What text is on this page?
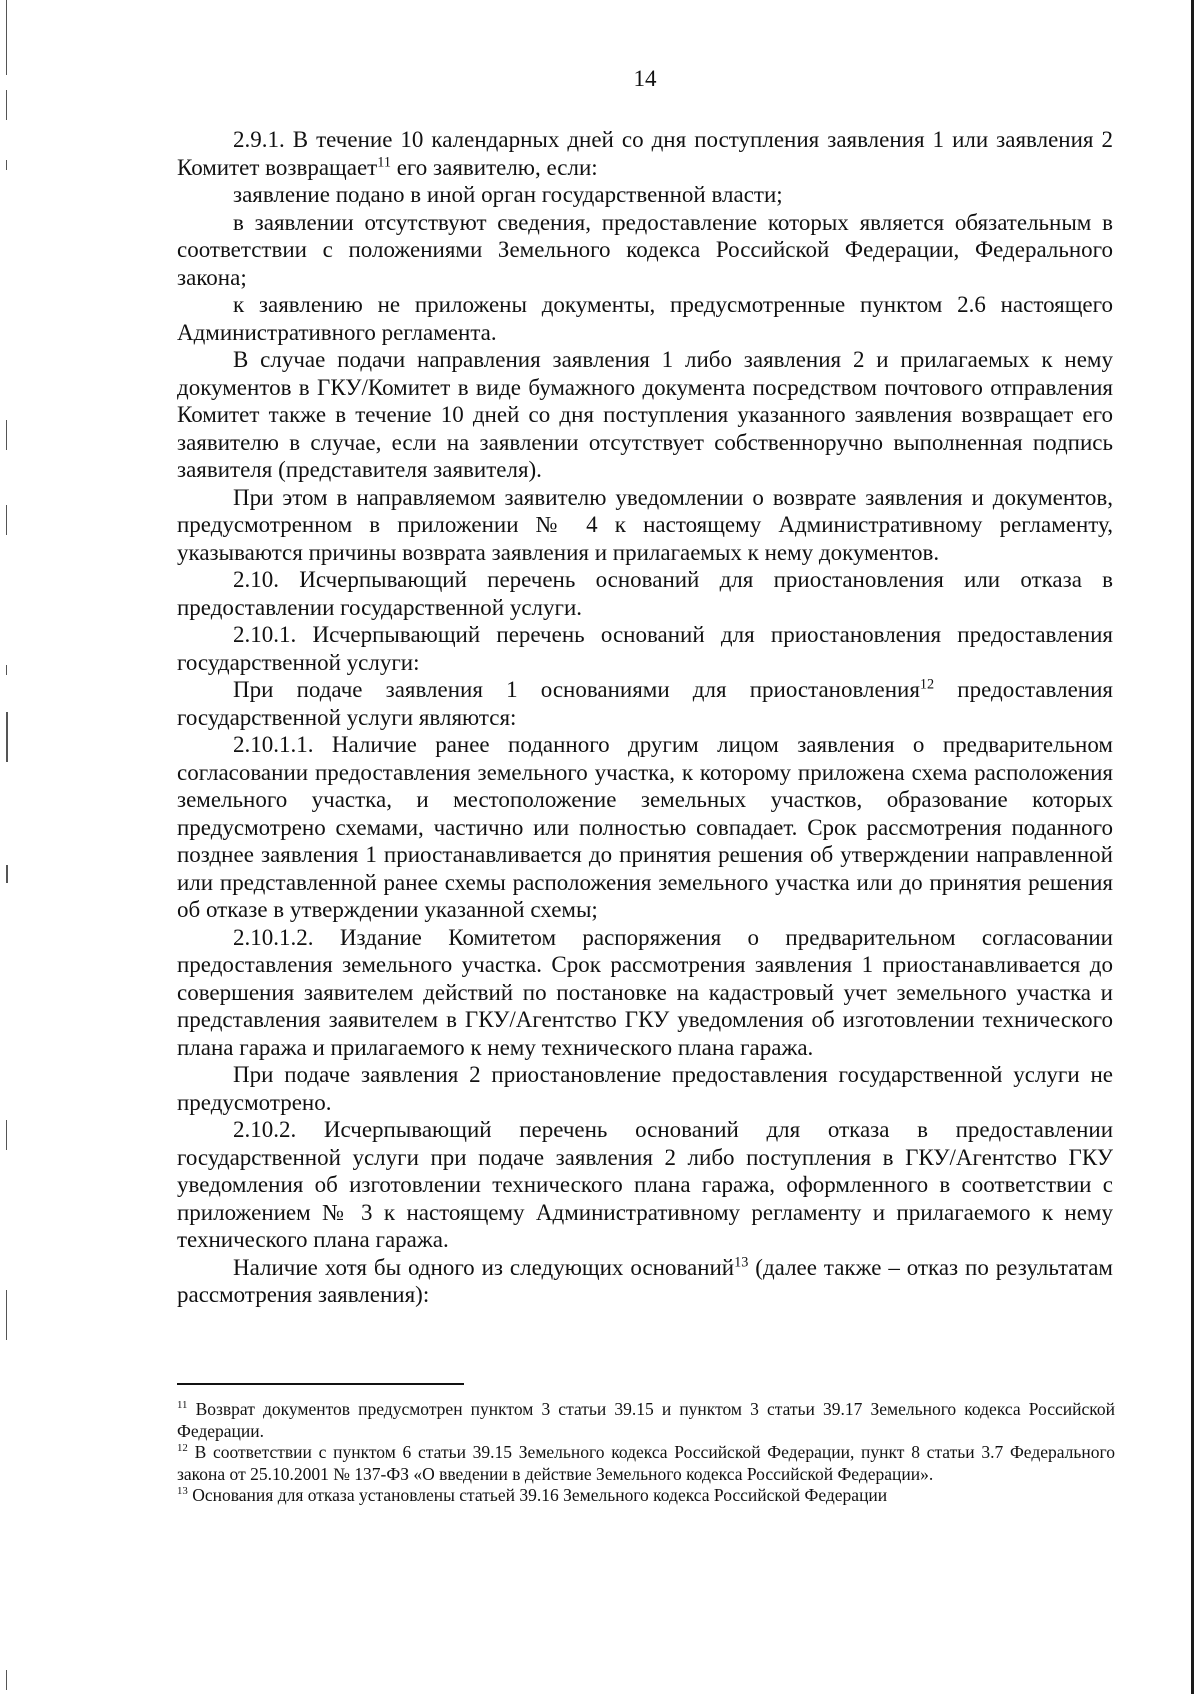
14

2.9.1. В течение 10 календарных дней со дня поступления заявления 1 или заявления 2 Комитет возвращает$^{11}$ его заявителю, если:

заявление подано в иной орган государственной власти;

в заявлении отсутствуют сведения, предоставление которых является обязательным в соответствии с положениями Земельного кодекса Российской Федерации, Федерального закона;

к заявлению не приложены документы, предусмотренные пунктом 2.6 настоящего Административного регламента.

В случае подачи направления заявления 1 либо заявления 2 и прилагаемых к нему документов в ГКУ/Комитет в виде бумажного документа посредством почтового отправления Комитет также в течение 10 дней со дня поступления указанного заявления возвращает его заявителю в случае, если на заявлении отсутствует собственноручно выполненная подпись заявителя (представителя заявителя).

При этом в направляемом заявителю уведомлении о возврате заявления и документов, предусмотренном в приложении № 4 к настоящему Административному регламенту, указываются причины возврата заявления и прилагаемых к нему документов.

2.10. Исчерпывающий перечень оснований для приостановления или отказа в предоставлении государственной услуги.

2.10.1. Исчерпывающий перечень оснований для приостановления предоставления государственной услуги:

При подаче заявления 1 основаниями для приостановления$^{12}$ предоставления государственной услуги являются:

2.10.1.1. Наличие ранее поданного другим лицом заявления о предварительном согласовании предоставления земельного участка, к которому приложена схема расположения земельного участка, и местоположение земельных участков, образование которых предусмотрено схемами, частично или полностью совпадает. Срок рассмотрения поданного позднее заявления 1 приостанавливается до принятия решения об утверждении направленной или представленной ранее схемы расположения земельного участка или до принятия решения об отказе в утверждении указанной схемы;

2.10.1.2. Издание Комитетом распоряжения о предварительном согласовании предоставления земельного участка. Срок рассмотрения заявления 1 приостанавливается до совершения заявителем действий по постановке на кадастровый учет земельного участка и представления заявителем в ГКУ/Агентство ГКУ уведомления об изготовлении технического плана гаража и прилагаемого к нему технического плана гаража.

При подаче заявления 2 приостановление предоставления государственной услуги не предусмотрено.

2.10.2. Исчерпывающий перечень оснований для отказа в предоставлении государственной услуги при подаче заявления 2 либо поступления в ГКУ/Агентство ГКУ уведомления об изготовлении технического плана гаража, оформленного в соответствии с приложением № 3 к настоящему Административному регламенту и прилагаемого к нему технического плана гаража.

Наличие хотя бы одного из следующих оснований$^{13}$ (далее также – отказ по результатам рассмотрения заявления):

$^{11}$ Возврат документов предусмотрен пунктом 3 статьи 39.15 и пунктом 3 статьи 39.17 Земельного кодекса Российской Федерации.

$^{12}$ В соответствии с пунктом 6 статьи 39.15 Земельного кодекса Российской Федерации, пункт 8 статьи 3.7 Федерального закона от 25.10.2001 № 137-ФЗ «О введении в действие Земельного кодекса Российской Федерации».

$^{13}$ Основания для отказа установлены статьей 39.16 Земельного кодекса Российской Федерации
